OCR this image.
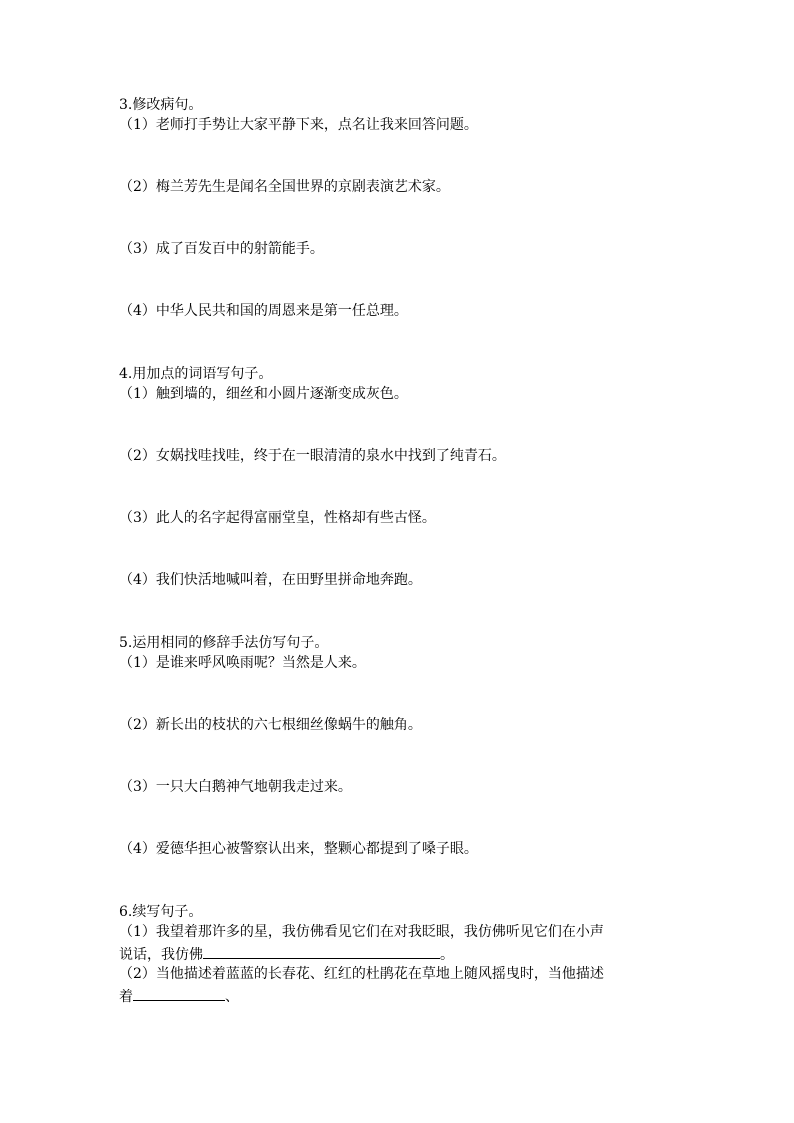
3.修改病句。
（1）老师打手势让大家平静下来，点名让我来回答问题。
（2）梅兰芳先生是闻名全国世界的京剧表演艺术家。
（3）成了百发百中的射箭能手。
（4）中华人民共和国的周恩来是第一任总理。
4.用加点的词语写句子。
（1）触到墙的，细丝和小圆片逐渐变成灰色。
（2）女娲找哇找哇，终于在一眼清清的泉水中找到了纯青石。
（3）此人的名字起得富丽堂皇，性格却有些古怪。
（4）我们快活地喊叫着，在田野里拼命地奔跑。
5.运用相同的修辞手法仿写句子。
（1）是谁来呼风唤雨呢？当然是人来。
（2）新长出的枝状的六七根细丝像蜗牛的触角。
（3）一只大白鹅神气地朝我走过来。
（4）爱德华担心被警察认出来，整颗心都提到了嗓子眼。
6.续写句子。
（1）我望着那许多的星，我仿佛看见它们在对我眨眼，我仿佛听见它们在小声
说话，我仿佛	。
（2）当他描述着蓝蓝的长春花、红红的杜鹃花在草地上随风摇曳时，当他描述
着	、
